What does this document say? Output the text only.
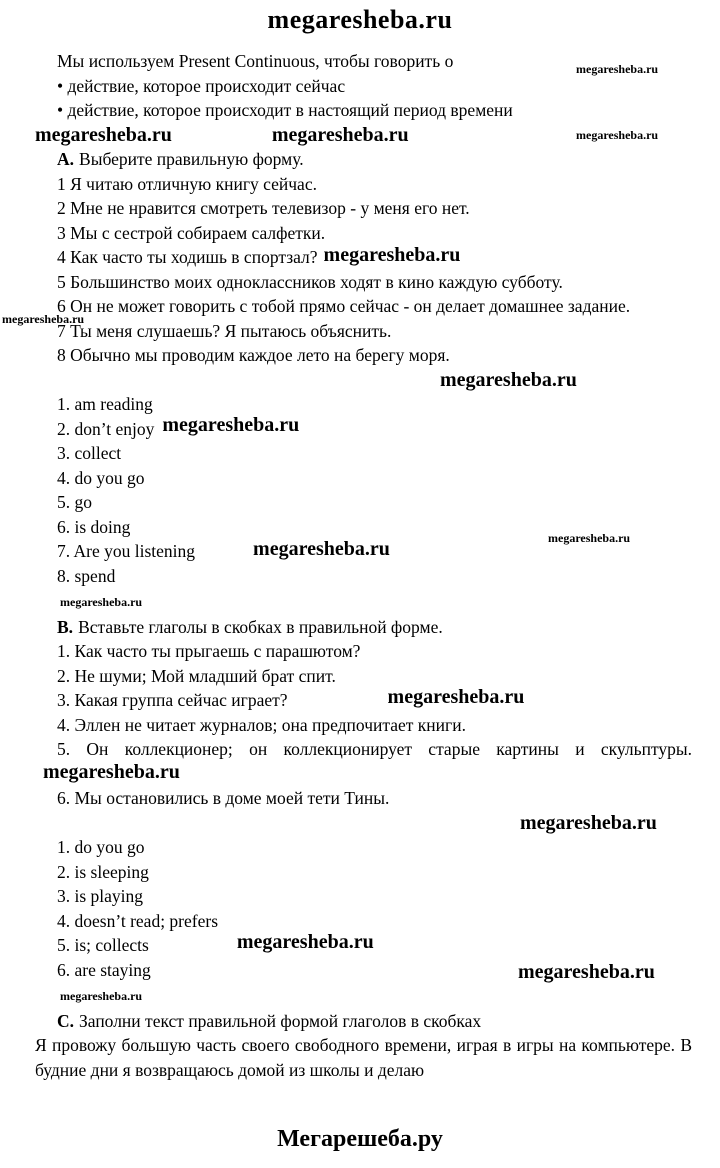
megaresheba.ru
megaresheba.ru
megaresheba.ru
megaresheba.ru
megaresheba.ru
megaresheba.ru

Мы используем Present Continuous, чтобы говорить о

• действие, которое происходит сейчас

• действие, которое происходит в настоящий период времени

megaresheba.ru	megaresheba.ru

А. Выберите правильную форму.

1 Я читаю отличную книгу сейчас.

2 Мне не нравится смотреть телевизор - у меня его нет.

3 Мы с сестрой собираем салфетки.

4 Как часто ты ходишь в спортзал? megaresheba.ru

5 Большинство моих одноклассников ходят в кино каждую субботу.

6 Он не может говорить с тобой прямо сейчас - он делает домашнее задание.

7 Ты меня слушаешь? Я пытаюсь объяснить.

8 Обычно мы проводим каждое лето на берегу моря.

megaresheba.ru

1. am reading

2. don’t enjoy megaresheba.ru

3. collect

4. do you go

5. go

6. is doing

7. Are you listening	megaresheba.ru

8. spend

megaresheba.ru

В. Вставьте глаголы в скобках в правильной форме.

1. Как часто ты прыгаешь с парашютом?

2. Не шуми; Мой младший брат спит.

3. Какая группа сейчас играет?	megaresheba.ru

4. Эллен не читает журналов; она предпочитает книги.

5. Он коллекционер; он коллекционирует старые картины и скульптуры.megaresheba.ru

6. Мы остановились в доме моей тети Тины.

megaresheba.ru

1. do you go

2. is sleeping

3. is playing

4. doesn’t read; prefers

5. is; collects	megaresheba.ru

6. are staying

megaresheba.ru

С. Заполни текст правильной формой глаголов в скобках

Я провожу большую часть своего свободного времени, играя в игры на компьютере. В будние дни я возвращаюсь домой из школы и делаю

Мегарешеба.ру
